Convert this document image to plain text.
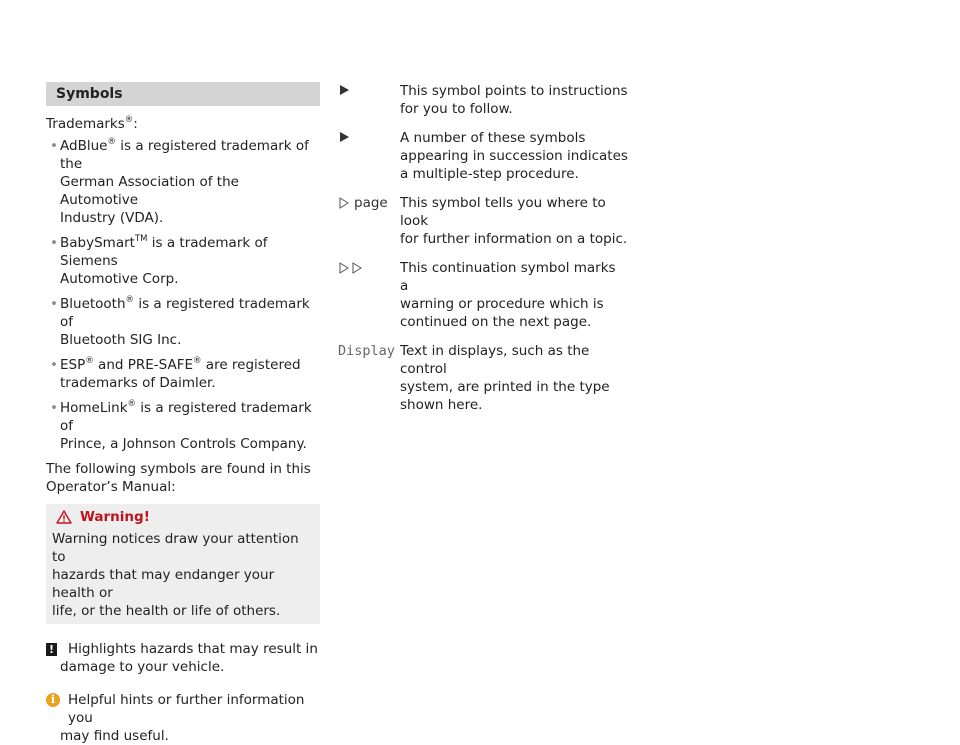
Symbols

Trademarks®:

• AdBlue® is a registered trademark of the
German Association of the Automotive
Industry (VDA).
• BabySmart™ is a trademark of Siemens
Automotive Corp.
• Bluetooth® is a registered trademark of
Bluetooth SIG Inc.
• ESP® and PRE-SAFE® are registered
trademarks of Daimler.
• HomeLink® is a registered trademark of
Prince, a Johnson Controls Company.

The following symbols are found in this
Operator’s Manual:

Warning!
Warning notices draw your attention to
hazards that may endanger your health or
life, or the health or life of others.
! Highlights hazards that may result in
damage to your vehicle.
i Helpful hints or further information you
may find useful.
This symbol points to instructions
for you to follow.
A number of these symbols
appearing in succession indicates
a multiple-step procedure.
page This symbol tells you where to look
for further information on a topic.
This continuation symbol marks a
warning or procedure which is
continued on the next page.
Display Text in displays, such as the control
system, are printed in the type
shown here.
